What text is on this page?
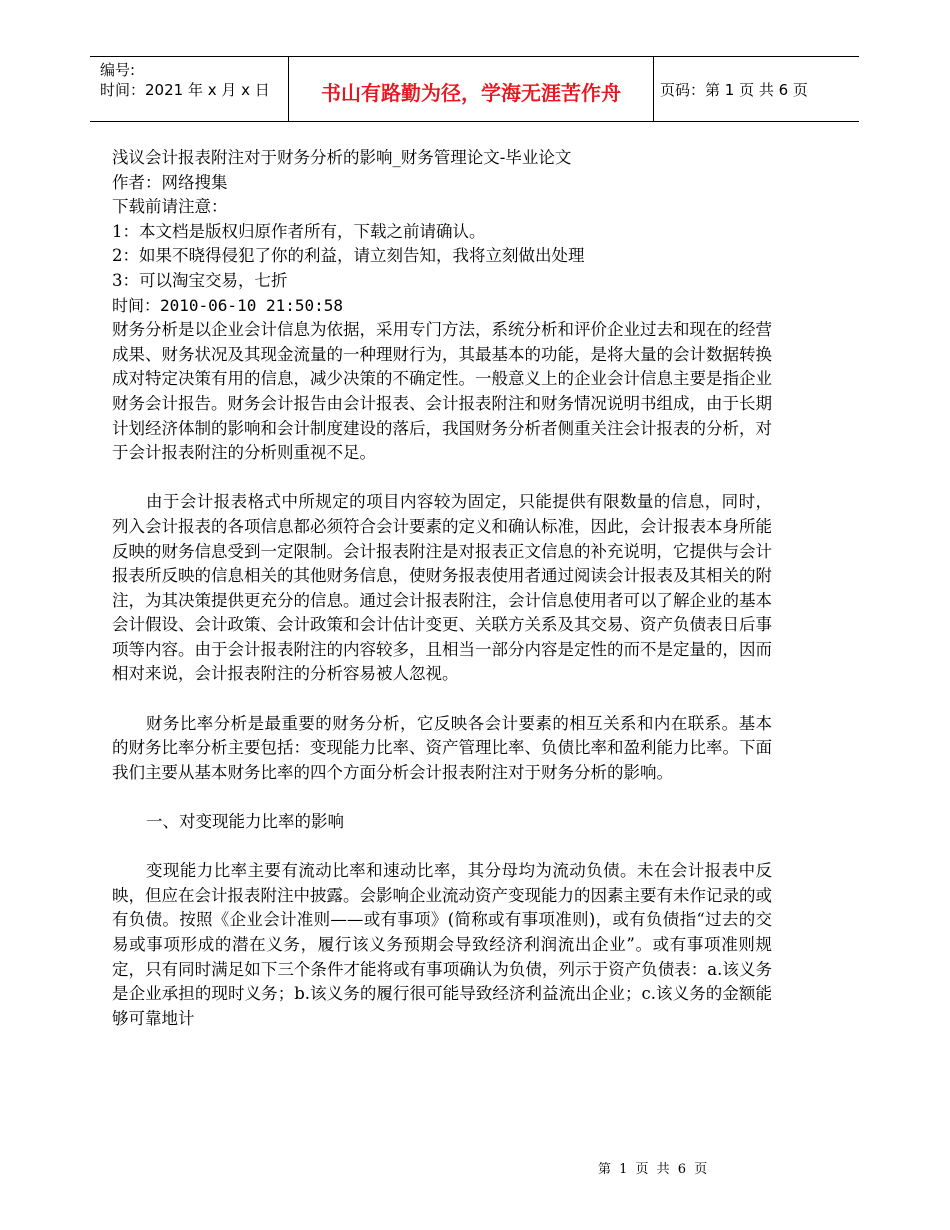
编号:
时间：2021 年 x 月 x 日	书山有路勤为径，学海无涯苦作舟	页码：第 1 页 共 6 页
浅议会计报表附注对于财务分析的影响_财务管理论文-毕业论文
作者：网络搜集
下载前请注意：
1：本文档是版权归原作者所有，下载之前请确认。
2：如果不晓得侵犯了你的利益，请立刻告知，我将立刻做出处理
3：可以淘宝交易，七折
时间：2010-06-10 21:50:58

财务分析是以企业会计信息为依据，采用专门方法，系统分析和评价企业过去和现在的经营成果、财务状况及其现金流量的一种理财行为，其最基本的功能，是将大量的会计数据转换成对特定决策有用的信息，减少决策的不确定性。一般意义上的企业会计信息主要是指企业财务会计报告。财务会计报告由会计报表、会计报表附注和财务情况说明书组成，由于长期计划经济体制的影响和会计制度建设的落后，我国财务分析者侧重关注会计报表的分析，对于会计报表附注的分析则重视不足。

由于会计报表格式中所规定的项目内容较为固定，只能提供有限数量的信息，同时，列入会计报表的各项信息都必须符合会计要素的定义和确认标准，因此，会计报表本身所能反映的财务信息受到一定限制。会计报表附注是对报表正文信息的补充说明，它提供与会计报表所反映的信息相关的其他财务信息，使财务报表使用者通过阅读会计报表及其相关的附注，为其决策提供更充分的信息。通过会计报表附注，会计信息使用者可以了解企业的基本会计假设、会计政策、会计政策和会计估计变更、关联方关系及其交易、资产负债表日后事项等内容。由于会计报表附注的内容较多，且相当一部分内容是定性的而不是定量的，因而相对来说，会计报表附注的分析容易被人忽视。

财务比率分析是最重要的财务分析，它反映各会计要素的相互关系和内在联系。基本的财务比率分析主要包括：变现能力比率、资产管理比率、负债比率和盈利能力比率。下面我们主要从基本财务比率的四个方面分析会计报表附注对于财务分析的影响。

一、对变现能力比率的影响

变现能力比率主要有流动比率和速动比率，其分母均为流动负债。未在会计报表中反映，但应在会计报表附注中披露。会影响企业流动资产变现能力的因素主要有未作记录的或有负债。按照《企业会计准则——或有事项》(简称或有事项准则)，或有负债指“过去的交易或事项形成的潜在义务，履行该义务预期会导致经济利润流出企业”。或有事项准则规定，只有同时满足如下三个条件才能将或有事项确认为负债，列示于资产负债表：a.该义务是企业承担的现时义务；b.该义务的履行很可能导致经济利益流出企业；c.该义务的金额能够可靠地计

第 1 页 共 6 页
